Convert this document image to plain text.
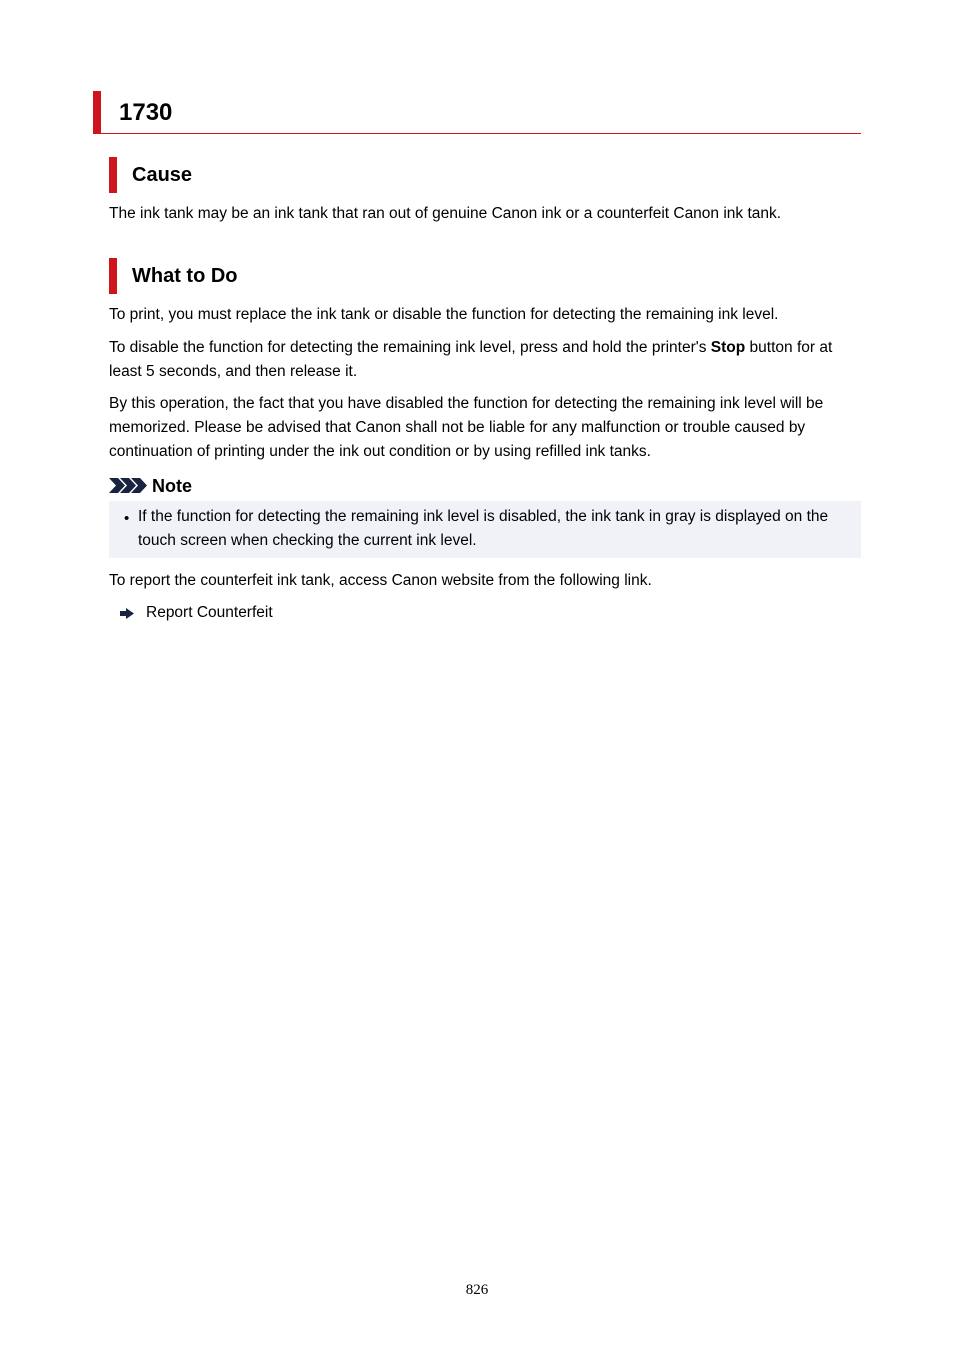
1730
Cause

The ink tank may be an ink tank that ran out of genuine Canon ink or a counterfeit Canon ink tank.

What to Do

To print, you must replace the ink tank or disable the function for detecting the remaining ink level.

To disable the function for detecting the remaining ink level, press and hold the printer's Stop button for at least 5 seconds, and then release it.

By this operation, the fact that you have disabled the function for detecting the remaining ink level will be memorized. Please be advised that Canon shall not be liable for any malfunction or trouble caused by continuation of printing under the ink out condition or by using refilled ink tanks.

Note
• If the function for detecting the remaining ink level is disabled, the ink tank in gray is displayed on the touch screen when checking the current ink level.

To report the counterfeit ink tank, access Canon website from the following link.

Report Counterfeit
826
